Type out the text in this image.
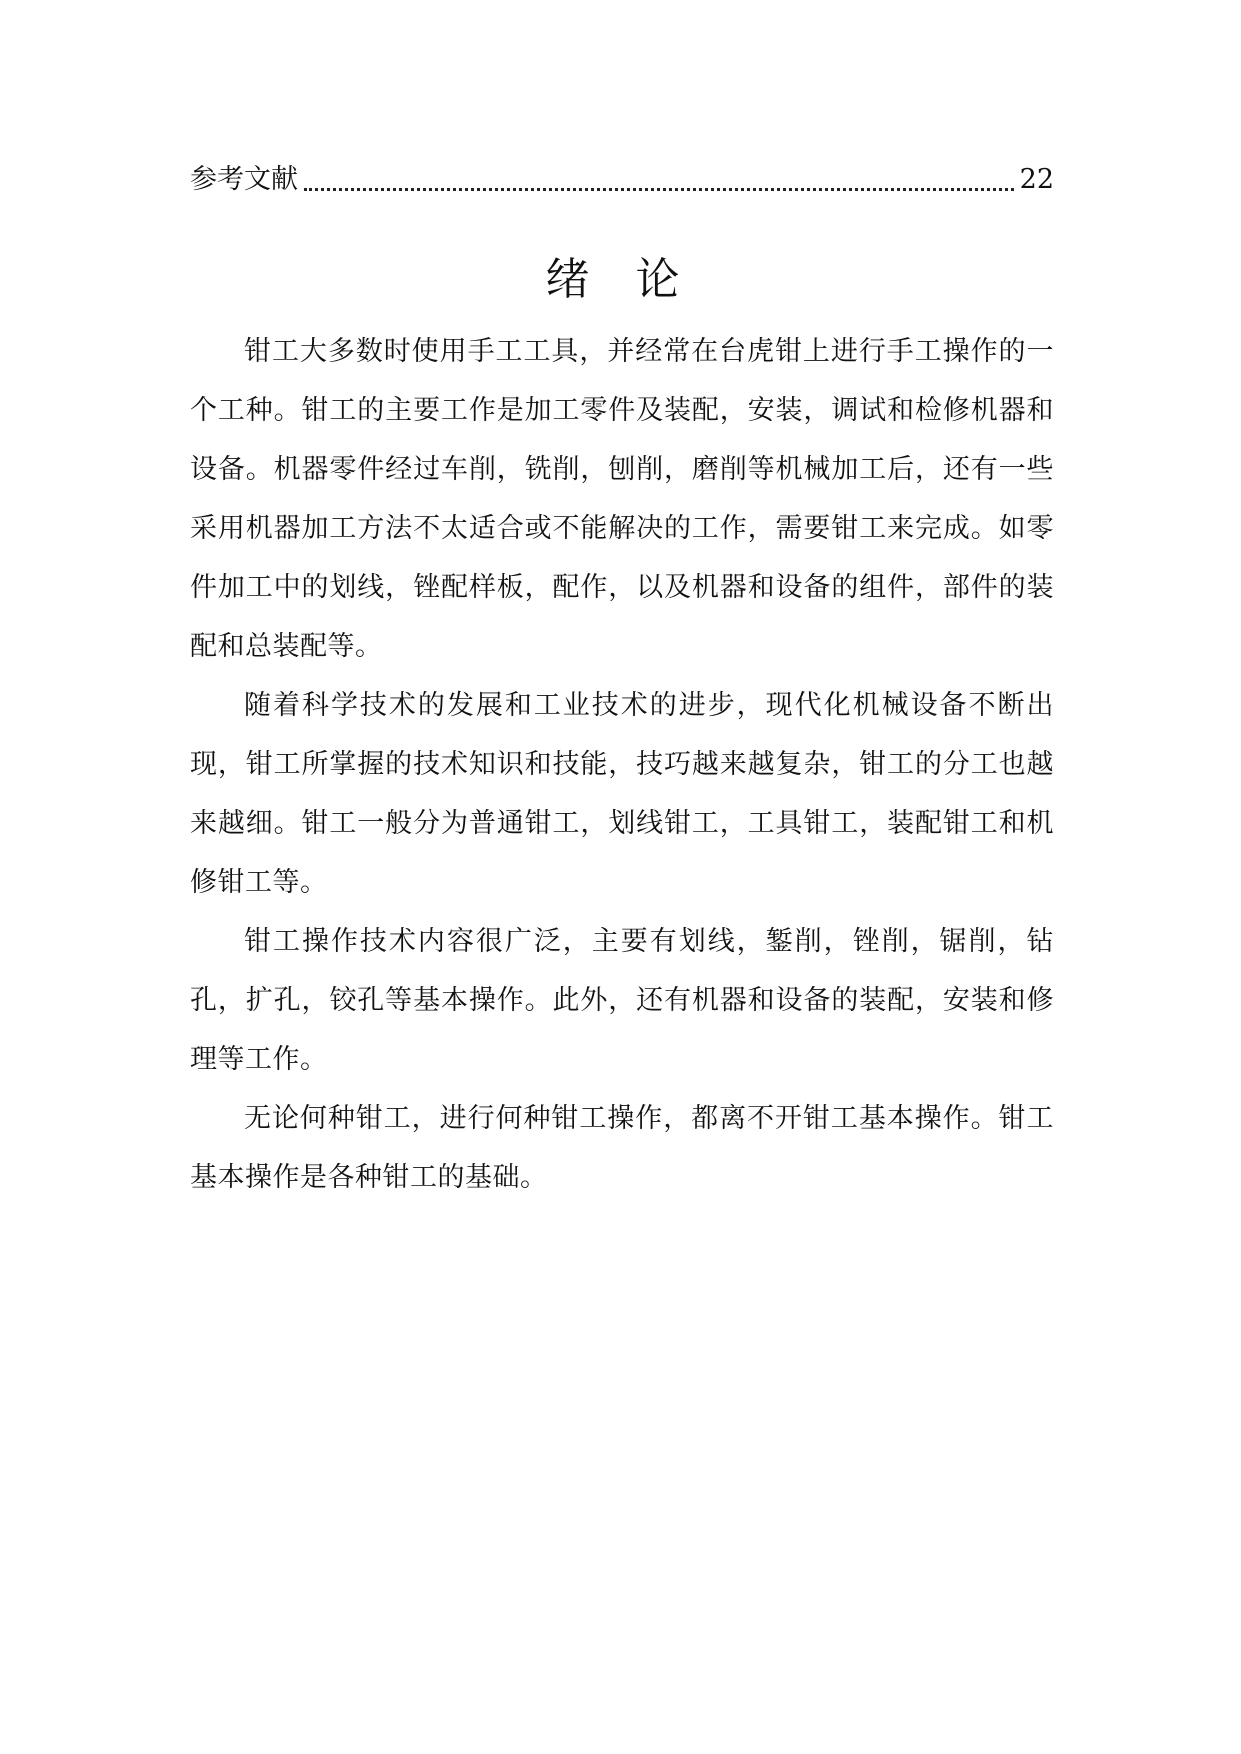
参考文献	22
绪 论

钳工大多数时使用手工工具，并经常在台虎钳上进行手工操作的一个工种。钳工的主要工作是加工零件及装配，安装，调试和检修机器和设备。机器零件经过车削，铣削，刨削，磨削等机械加工后，还有一些采用机器加工方法不太适合或不能解决的工作，需要钳工来完成。如零件加工中的划线，锉配样板，配作，以及机器和设备的组件，部件的装配和总装配等。

随着科学技术的发展和工业技术的进步，现代化机械设备不断出现，钳工所掌握的技术知识和技能，技巧越来越复杂，钳工的分工也越来越细。钳工一般分为普通钳工，划线钳工，工具钳工，装配钳工和机修钳工等。

钳工操作技术内容很广泛，主要有划线，錾削，锉削，锯削，钻孔，扩孔，铰孔等基本操作。此外，还有机器和设备的装配，安装和修理等工作。

无论何种钳工，进行何种钳工操作，都离不开钳工基本操作。钳工基本操作是各种钳工的基础。
